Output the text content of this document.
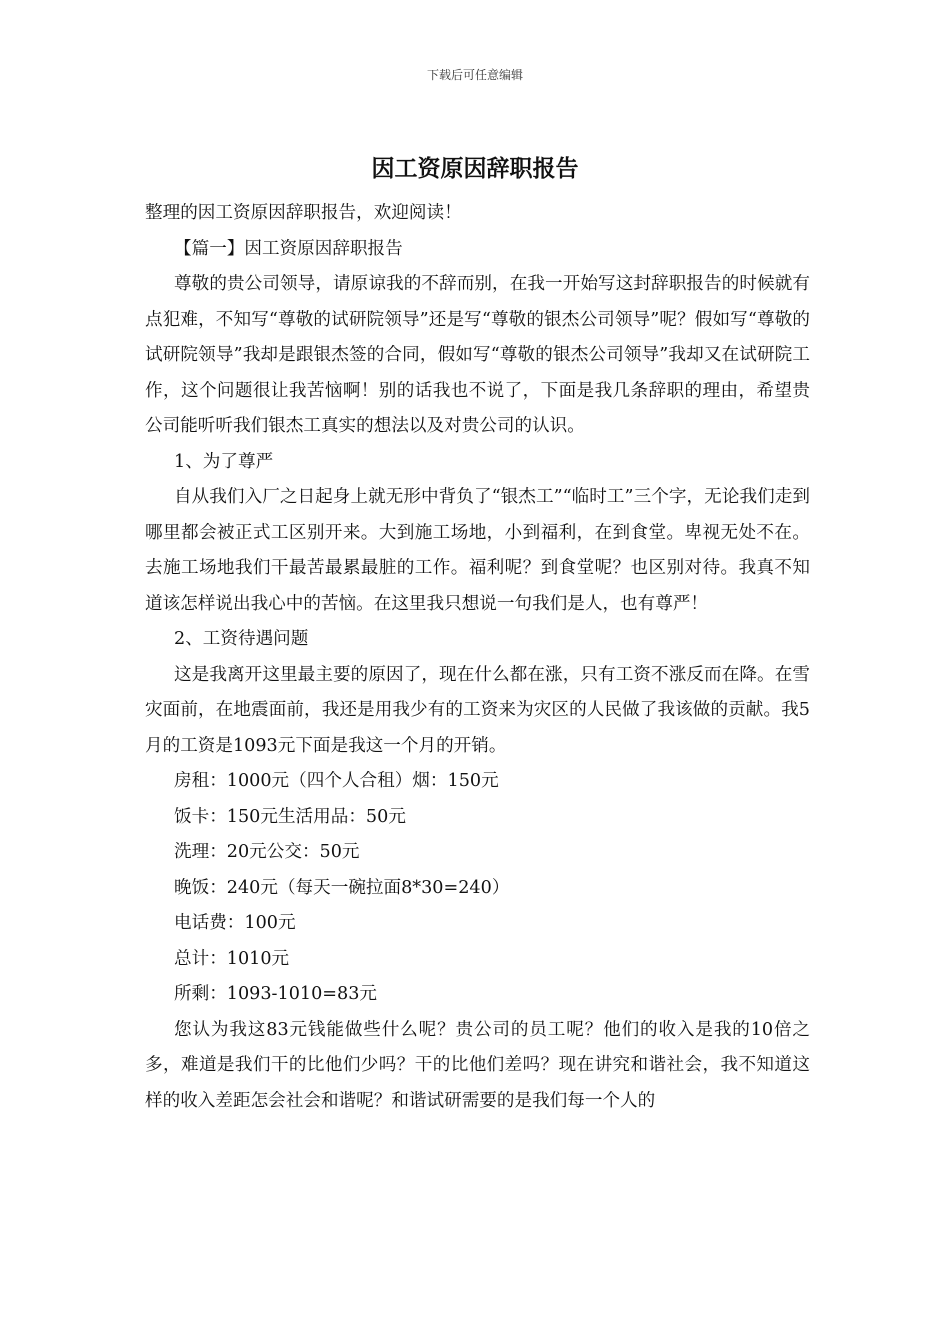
下载后可任意编辑
因工资原因辞职报告

整理的因工资原因辞职报告，欢迎阅读！

【篇一】因工资原因辞职报告

尊敬的贵公司领导，请原谅我的不辞而别，在我一开始写这封辞职报告的时候就有点犯难，不知写“尊敬的试研院领导”还是写“尊敬的银杰公司领导”呢？假如写“尊敬的试研院领导”我却是跟银杰签的合同，假如写“尊敬的银杰公司领导”我却又在试研院工作，这个问题很让我苦恼啊！别的话我也不说了，下面是我几条辞职的理由，希望贵公司能听听我们银杰工真实的想法以及对贵公司的认识。

1、为了尊严

自从我们入厂之日起身上就无形中背负了“银杰工”“临时工”三个字，无论我们走到哪里都会被正式工区别开来。大到施工场地，小到福利，在到食堂。卑视无处不在。去施工场地我们干最苦最累最脏的工作。福利呢？到食堂呢？也区别对待。我真不知道该怎样说出我心中的苦恼。在这里我只想说一句我们是人，也有尊严！

2、工资待遇问题

这是我离开这里最主要的原因了，现在什么都在涨，只有工资不涨反而在降。在雪灾面前，在地震面前，我还是用我少有的工资来为灾区的人民做了我该做的贡献。我5月的工资是1093元下面是我这一个月的开销。

房租：1000元（四个人合租）烟：150元

饭卡：150元生活用品：50元

洗理：20元公交：50元

晚饭：240元（每天一碗拉面8*30=240）

电话费：100元

总计：1010元

所剩：1093-1010=83元

您认为我这83元钱能做些什么呢？贵公司的员工呢？他们的收入是我的10倍之多，难道是我们干的比他们少吗？干的比他们差吗？现在讲究和谐社会，我不知道这样的收入差距怎会社会和谐呢？和谐试研需要的是我们每一个人的
